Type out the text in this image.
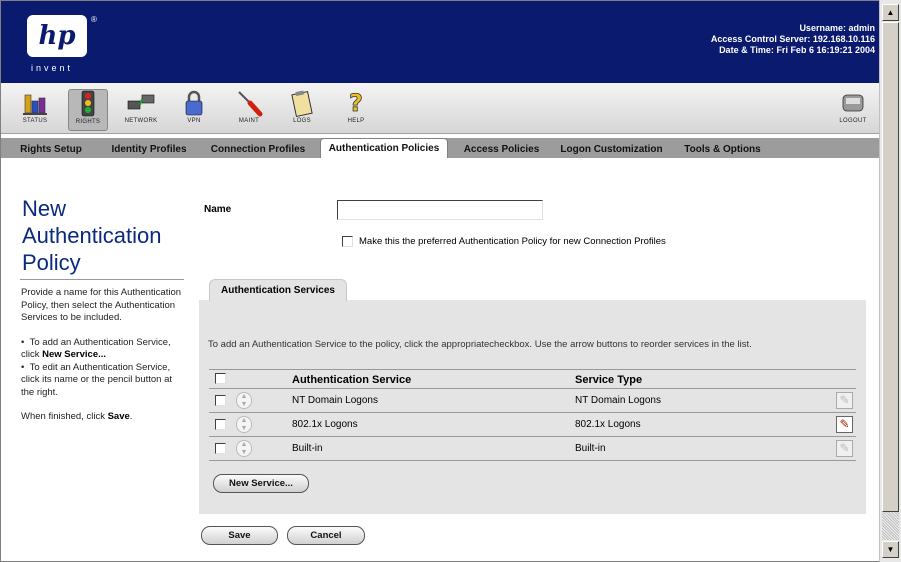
hp
®
invent
Username: admin
Access Control Server: 192.168.10.116
Date & Time: Fri Feb 6 16:19:21 2004
STATUS	RIGHTS	NETWORK	VPN	MAINT	LOGS
?
HELP	LOGOUT
Rights Setup	Identity Profiles	Connection Profiles	Authentication Policies	Access Policies	Logon Customization	Tools & Options
New Authentication Policy

Provide a name for this Authentication Policy, then select the Authentication Services to be included.

•  To add an Authentication Service, click New Service...

•  To edit an Authentication Service, click its name or the pencil button at the right.

When finished, click Save.

Name
Make this the preferred Authentication Policy for new Connection Profiles
Authentication Services
To add an Authentication Service to the policy, click the appropriatecheckbox. Use the arrow buttons to reorder services in the list.
Authentication Service	Service Type
▲
▼	NT Domain Logons	NT Domain Logons	✎
▲
▼	802.1x Logons	802.1x Logons	✎
▲
▼	Built-in	Built-in	✎
New Service...
Save	Cancel
▲
▼
